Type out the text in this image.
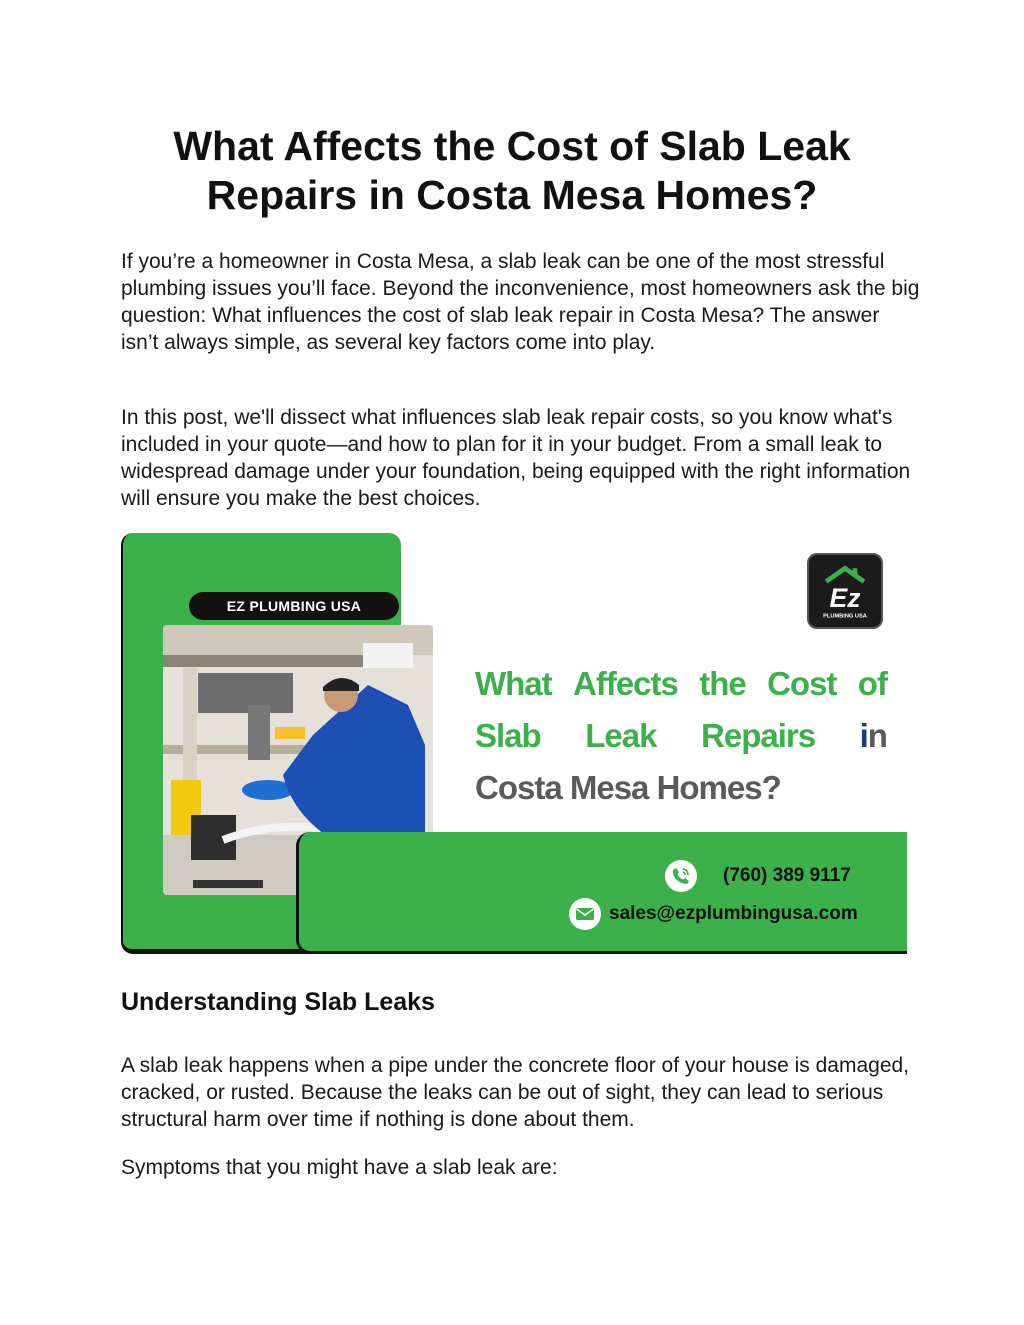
What Affects the Cost of Slab Leak
Repairs in Costa Mesa Homes?

If you’re a homeowner in Costa Mesa, a slab leak can be one of the most stressful plumbing issues you’ll face. Beyond the inconvenience, most homeowners ask the big question: What influences the cost of slab leak repair in Costa Mesa? The answer isn’t always simple, as several key factors come into play.

In this post, we'll dissect what influences slab leak repair costs, so you know what's included in your quote—and how to plan for it in your budget. From a small leak to widespread damage under your foundation, being equipped with the right information will ensure you make the best choices.

EZ PLUMBING USA	Ez
PLUMBING USA
What Affects the Cost of
Slab Leak Repairs in
Costa Mesa Homes?
(760) 389 9117
sales@ezplumbingusa.com
Understanding Slab Leaks

A slab leak happens when a pipe under the concrete floor of your house is damaged, cracked, or rusted. Because the leaks can be out of sight, they can lead to serious structural harm over time if nothing is done about them.

Symptoms that you might have a slab leak are:
